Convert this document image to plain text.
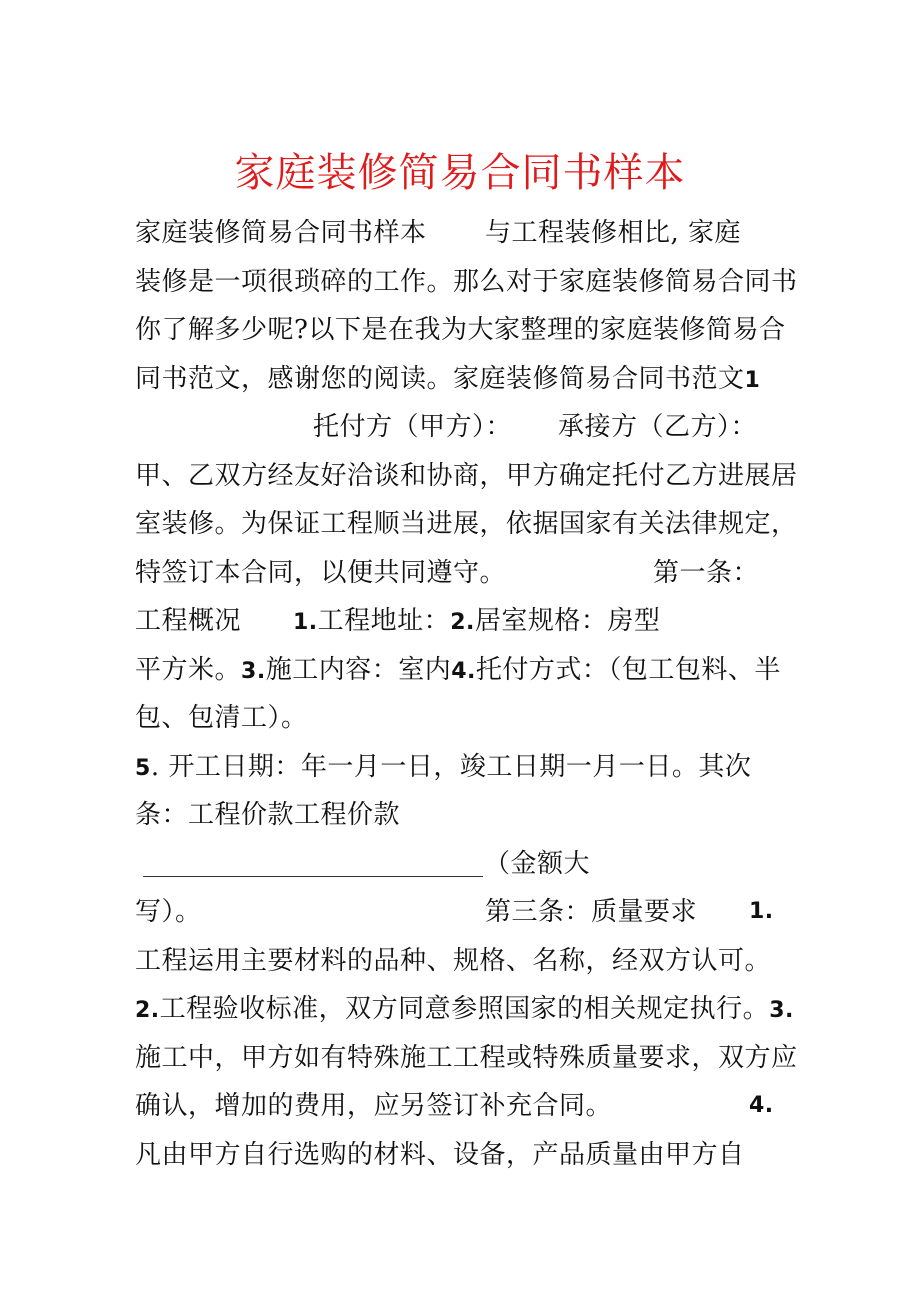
家庭装修简易合同书样本
家庭装修简易合同书样本 与工程装修相比, 家庭
装修是一项很琐碎的工作。那么对于家庭装修简易合同书
你了解多少呢?以下是在我为大家整理的家庭装修简易合
同书范文，感谢您的阅读。家庭装修简易合同书范文1
托付方（甲方）： 承接方（乙方）：
甲、乙双方经友好洽谈和协商，甲方确定托付乙方进展居
室装修。为保证工程顺当进展，依据国家有关法律规定，
特签订本合同，以便共同遵守。	第一条：
工程概况 1.工程地址：2.居室规格：房型
平方米。3.施工内容：室内4.托付方式：（包工包料、半
包、包清工）。
5. 开工日期：年一月一日，竣工日期一月一日。其次
条：工程价款工程价款
（金额大
写）。	第三条：质量要求 1.
工程运用主要材料的品种、规格、名称，经双方认可。
2.工程验收标准，双方同意参照国家的相关规定执行。3.
施工中，甲方如有特殊施工工程或特殊质量要求，双方应
确认，增加的费用，应另签订补充合同。	4.
凡由甲方自行选购的材料、设备，产品质量由甲方自
